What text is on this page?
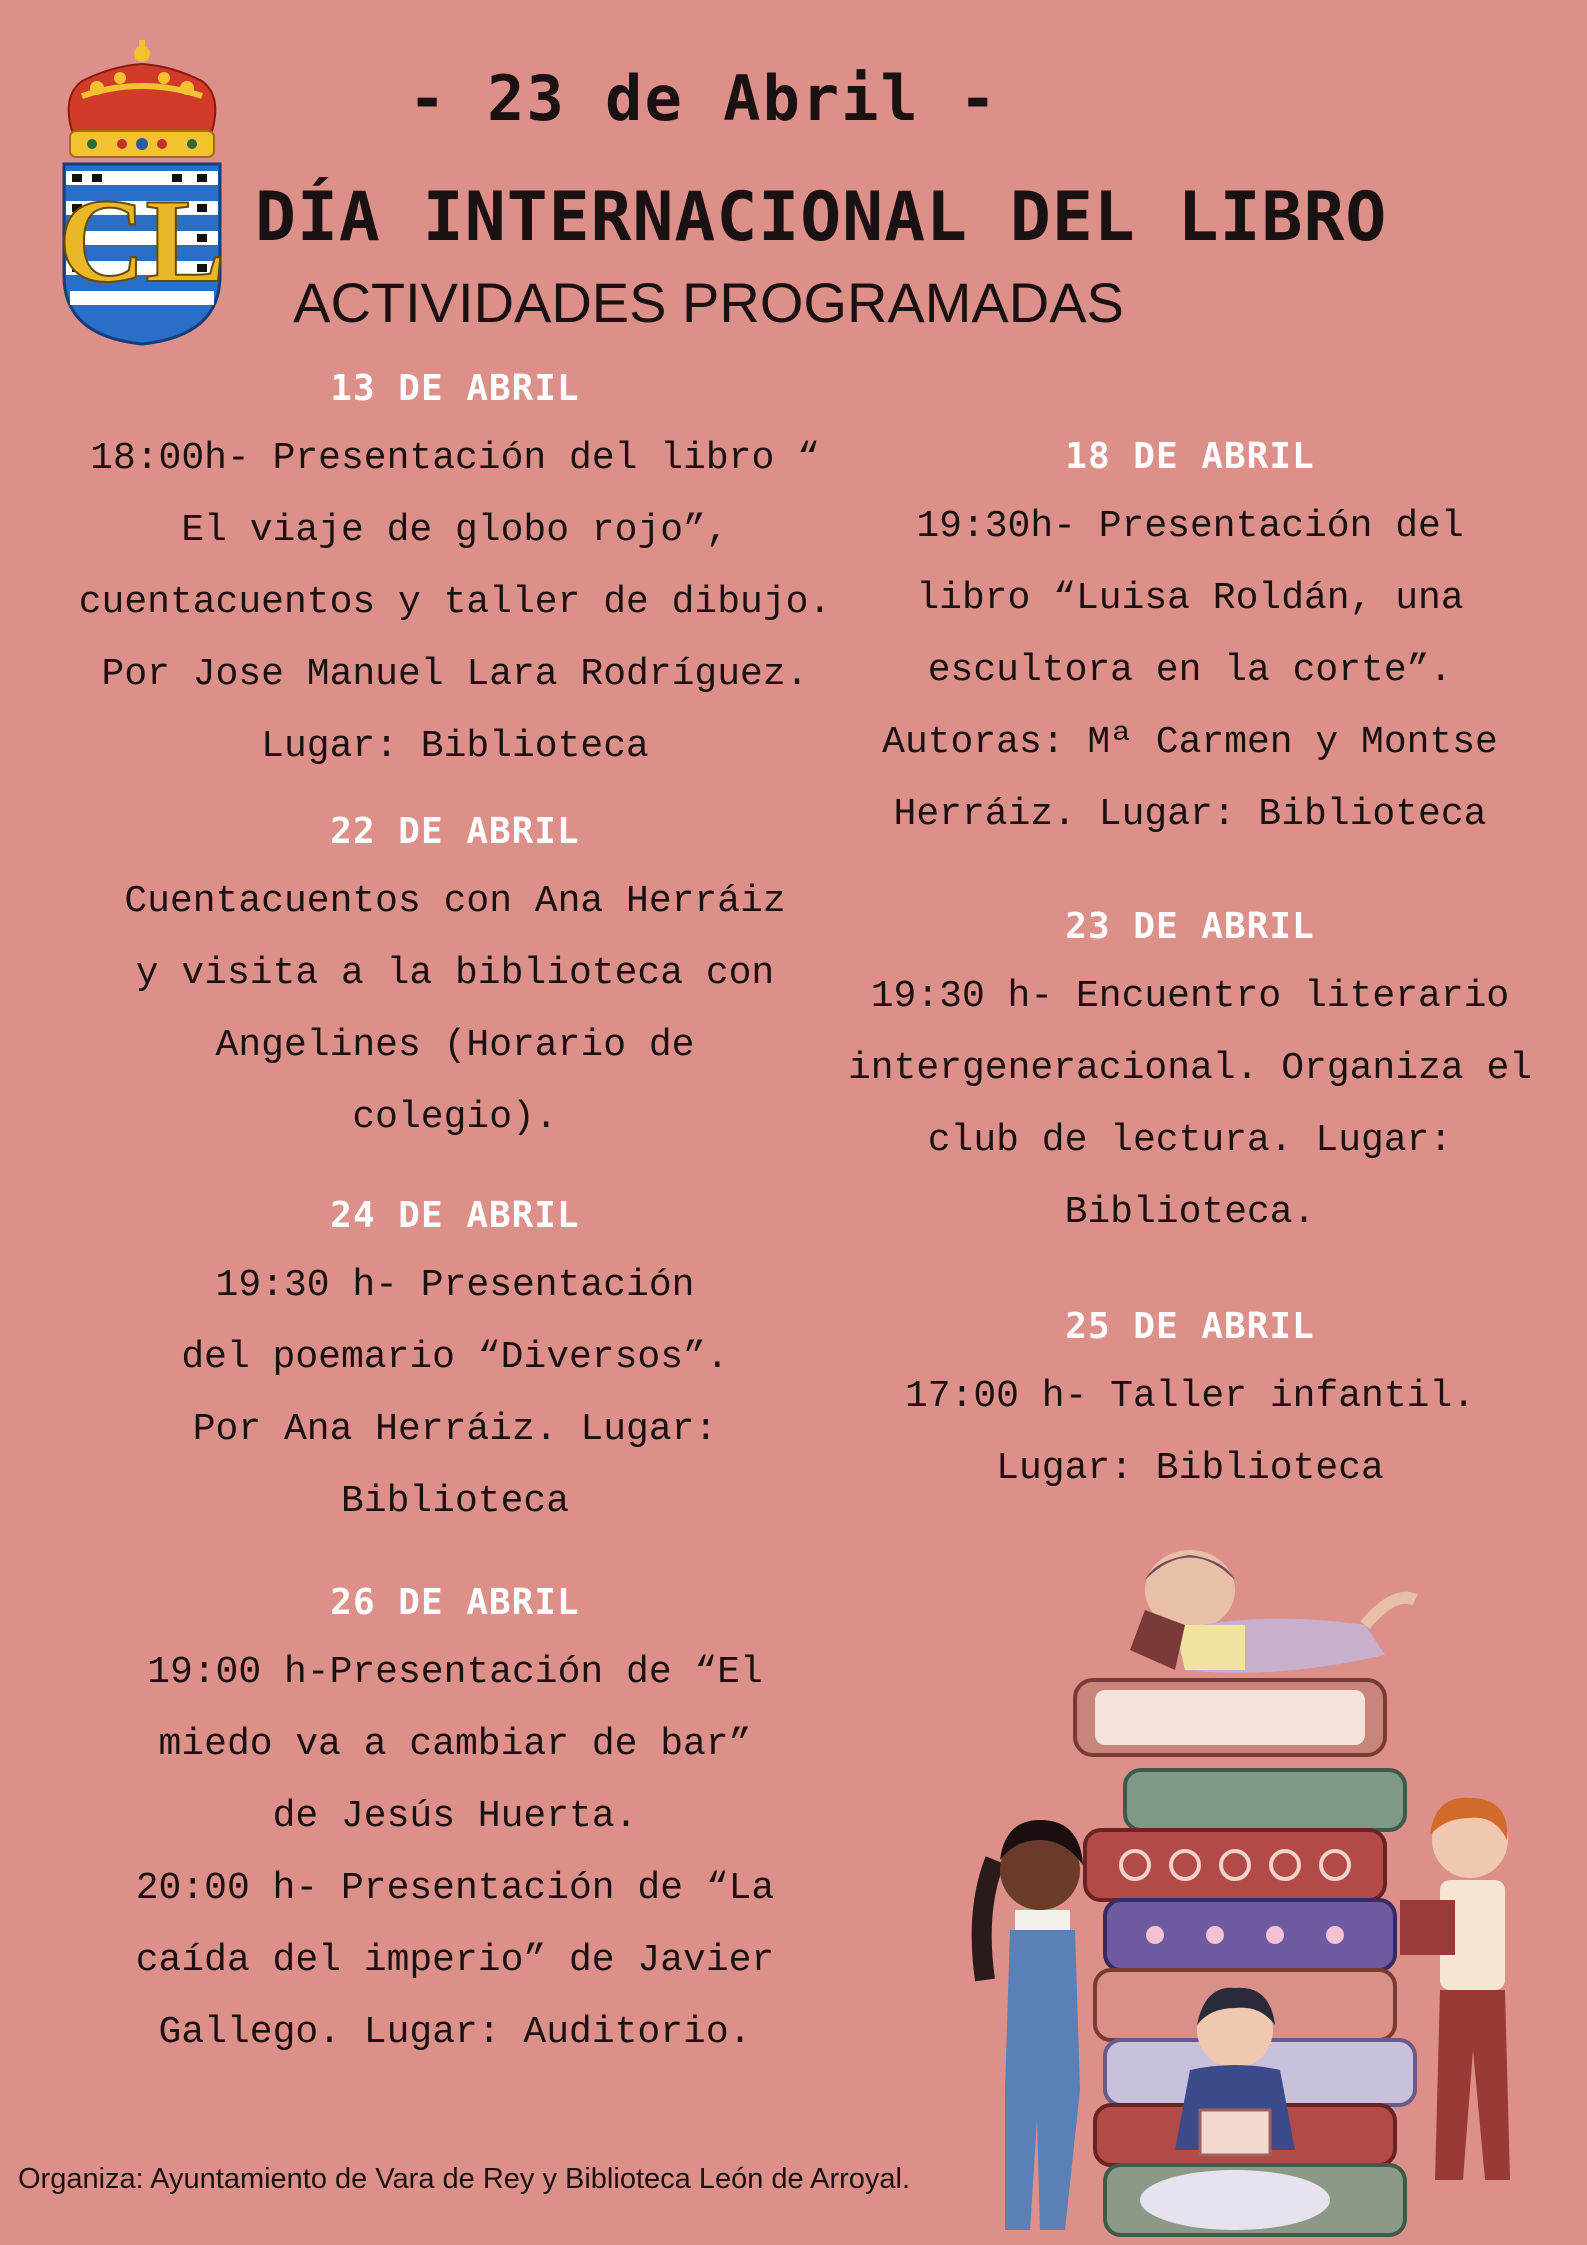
CL
- 23 de Abril -
DÍA INTERNACIONAL DEL LIBRO
ACTIVIDADES PROGRAMADAS
13 DE ABRIL
18:00h- Presentación del libro “
El viaje de globo rojo”,
cuentacuentos y taller de dibujo.
Por Jose Manuel Lara Rodríguez.
Lugar: Biblioteca
22 DE ABRIL
Cuentacuentos con Ana Herráiz
y visita a la biblioteca con
Angelines (Horario de
colegio).
24 DE ABRIL
19:30 h- Presentación
del poemario “Diversos”.
Por Ana Herráiz. Lugar:
Biblioteca
26 DE ABRIL
19:00 h-Presentación de “El
miedo va a cambiar de bar”
de Jesús Huerta.
20:00 h- Presentación de “La
caída del imperio” de Javier
Gallego. Lugar: Auditorio.
18 DE ABRIL
19:30h- Presentación del
libro “Luisa Roldán, una
escultora en la corte”.
Autoras: Mª Carmen y Montse
Herráiz. Lugar: Biblioteca
23 DE ABRIL
19:30 h- Encuentro literario
intergeneracional. Organiza el
club de lectura. Lugar:
Biblioteca.
25 DE ABRIL
17:00 h- Taller infantil.
Lugar: Biblioteca
Organiza: Ayuntamiento de Vara de Rey y Biblioteca León de Arroyal.
